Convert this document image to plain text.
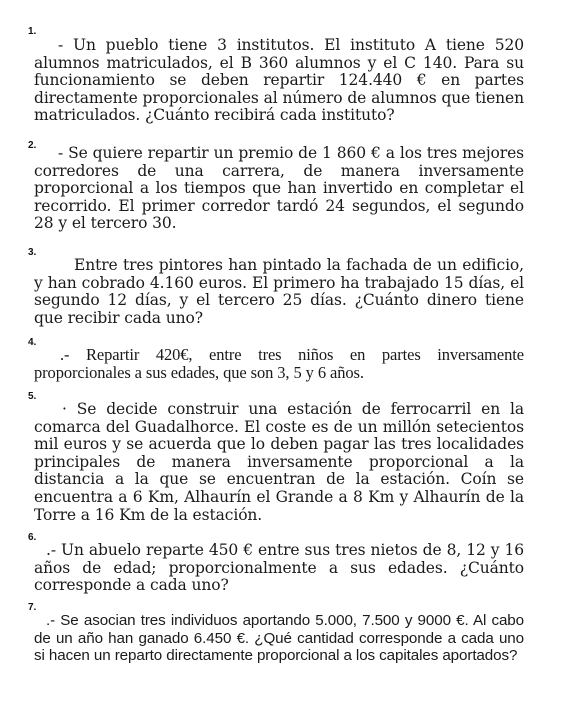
1.
- Un pueblo tiene 3 institutos. El instituto A tiene 520 alumnos matriculados, el B 360 alumnos y el C 140. Para su funcionamiento se deben repartir 124.440 € en partes directamente proporcionales al número de alumnos que tienen matriculados. ¿Cuánto recibirá cada instituto?
2.	- Se quiere repartir un premio de 1 860 € a los tres mejores corredores de una carrera, de manera inversamente proporcional a los tiempos que han invertido en completar el recorrido. El primer corredor tardó 24 segundos, el segundo 28 y el tercero 30.
3.
Entre tres pintores han pintado la fachada de un edificio, y han cobrado 4.160 euros. El primero ha trabajado 15 días, el segundo 12 días, y el tercero 25 días. ¿Cuánto dinero tiene que recibir cada uno?
4.
.- Repartir 420€, entre tres niños en partes inversamente proporcionales a sus edades, que son 3, 5 y 6 años.
5.
· Se decide construir una estación de ferrocarril en la comarca del Guadalhorce. El coste es de un millón setecientos mil euros y se acuerda que lo deben pagar las tres localidades principales de manera inversamente proporcional a la distancia a la que se encuentran de la estación. Coín se encuentra a 6 Km, Alhaurín el Grande a 8 Km y Alhaurín de la Torre a 16 Km de la estación.
6.
.- Un abuelo reparte 450 € entre sus tres nietos de 8, 12 y 16 años de edad; proporcionalmente a sus edades. ¿Cuánto corresponde a cada uno?
7.
.- Se asocian tres individuos aportando 5.000, 7.500 y 9000 €. Al cabo de un año han ganado 6.450 €. ¿Qué cantidad corresponde a cada uno si hacen un reparto directamente proporcional a los capitales aportados?
